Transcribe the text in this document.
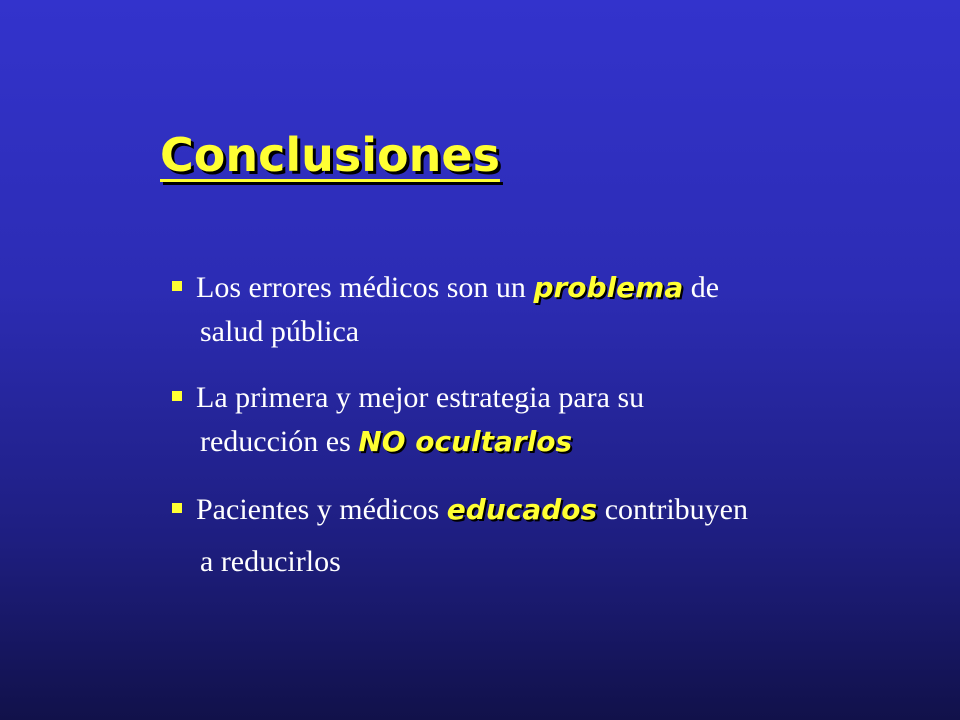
Conclusiones
Los errores médicos son un problema de
salud pública
La primera y mejor estrategia para su
reducción es NO ocultarlos
Pacientes y médicos educados contribuyen
a reducirlos
